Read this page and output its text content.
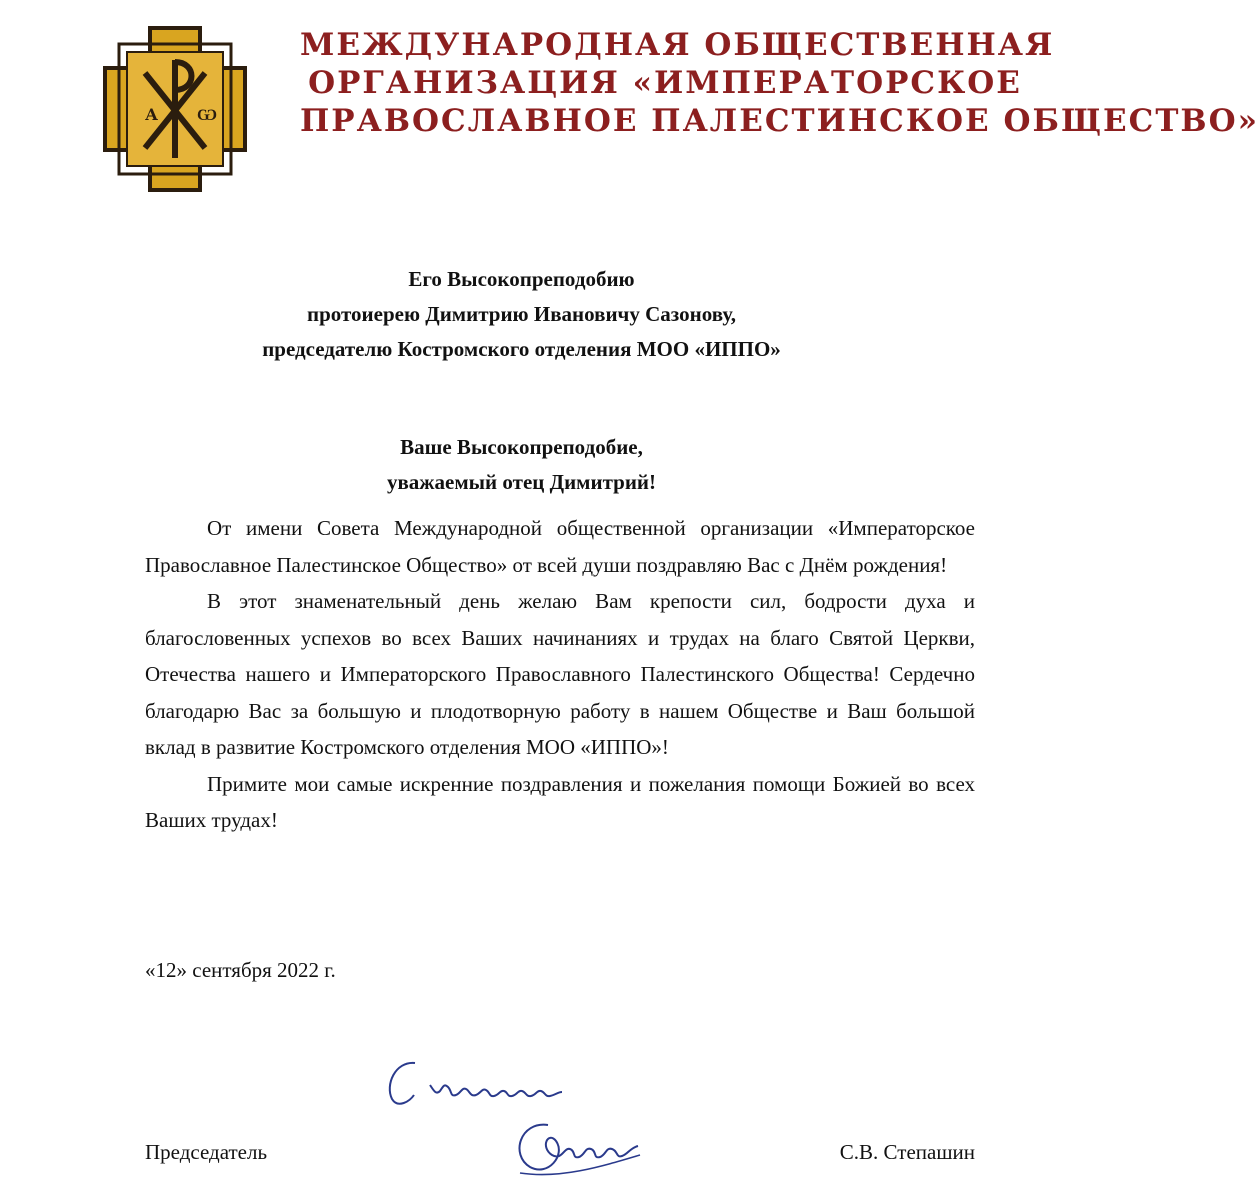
А Ѡ
МЕЖДУНАРОДНАЯ ОБЩЕСТВЕННАЯ
ОРГАНИЗАЦИЯ «ИМПЕРАТОРСКОЕ
ПРАВОСЛАВНОЕ ПАЛЕСТИНСКОЕ ОБЩЕСТВО»
Его Высокопреподобию
протоиерею Димитрию Ивановичу Сазонову,
председателю Костромского отделения МОО «ИППО»
Ваше Высокопреподобие,
уважаемый отец Димитрий!

От имени Совета Международной общественной организации «Императорское Православное Палестинское Общество» от всей души поздравляю Вас с Днём рождения!

В этот знаменательный день желаю Вам крепости сил, бодрости духа и благословенных успехов во всех Ваших начинаниях и трудах на благо Святой Церкви, Отечества нашего и Императорского Православного Палестинского Общества! Сердечно благодарю Вас за большую и плодотворную работу в нашем Обществе и Ваш большой вклад в развитие Костромского отделения МОО «ИППО»!

Примите мои самые искренние поздравления и пожелания помощи Божией во всех Ваших трудах!

«12» сентября 2022 г.
Председатель	С.В. Степашин
